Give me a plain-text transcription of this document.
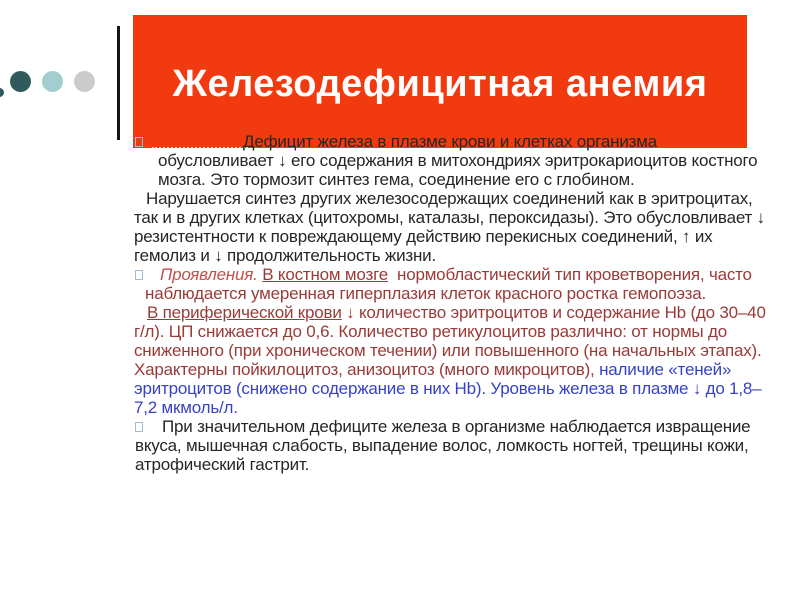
Железодефицитная анемия

Дефицит железа в плазме крови и клетках организма обусловливает ↓ его содержания в митохондриях эритрокариоцитов костного мозга. Это тормозит синтез гема, соединение его с глобином.

Нарушается синтез других железосодержащих соединений как в эритроцитах, так и в других клетках (цитохромы, каталазы, пероксидазы). Это обусловливает ↓ резистентности к повреждающему действию перекисных соединений, ↑ их гемолиз и ↓ продолжительность жизни.

Проявления. В костном мозге  нормобластический тип кроветворения, часто наблюдается умеренная гиперплазия клеток красного ростка гемопоэза.

В периферической крови ↓ количество эритроцитов и содержание Hb (до 30–40 г/л). ЦП снижается до 0,6. Количество ретикулоцитов различно: от нормы до сниженного (при хроническом течении) или повышенного (на начальных этапах). Характерны пойкилоцитоз, анизоцитоз (много микроцитов), наличие «теней» эритроцитов (снижено содержание в них Hb). Уровень железа в плазме ↓ до 1,8–7,2 мкмоль/л.

При значительном дефиците железа в организме наблюдается извращение вкуса, мышечная слабость, выпадение волос, ломкость ногтей, трещины кожи, атрофический гастрит.
